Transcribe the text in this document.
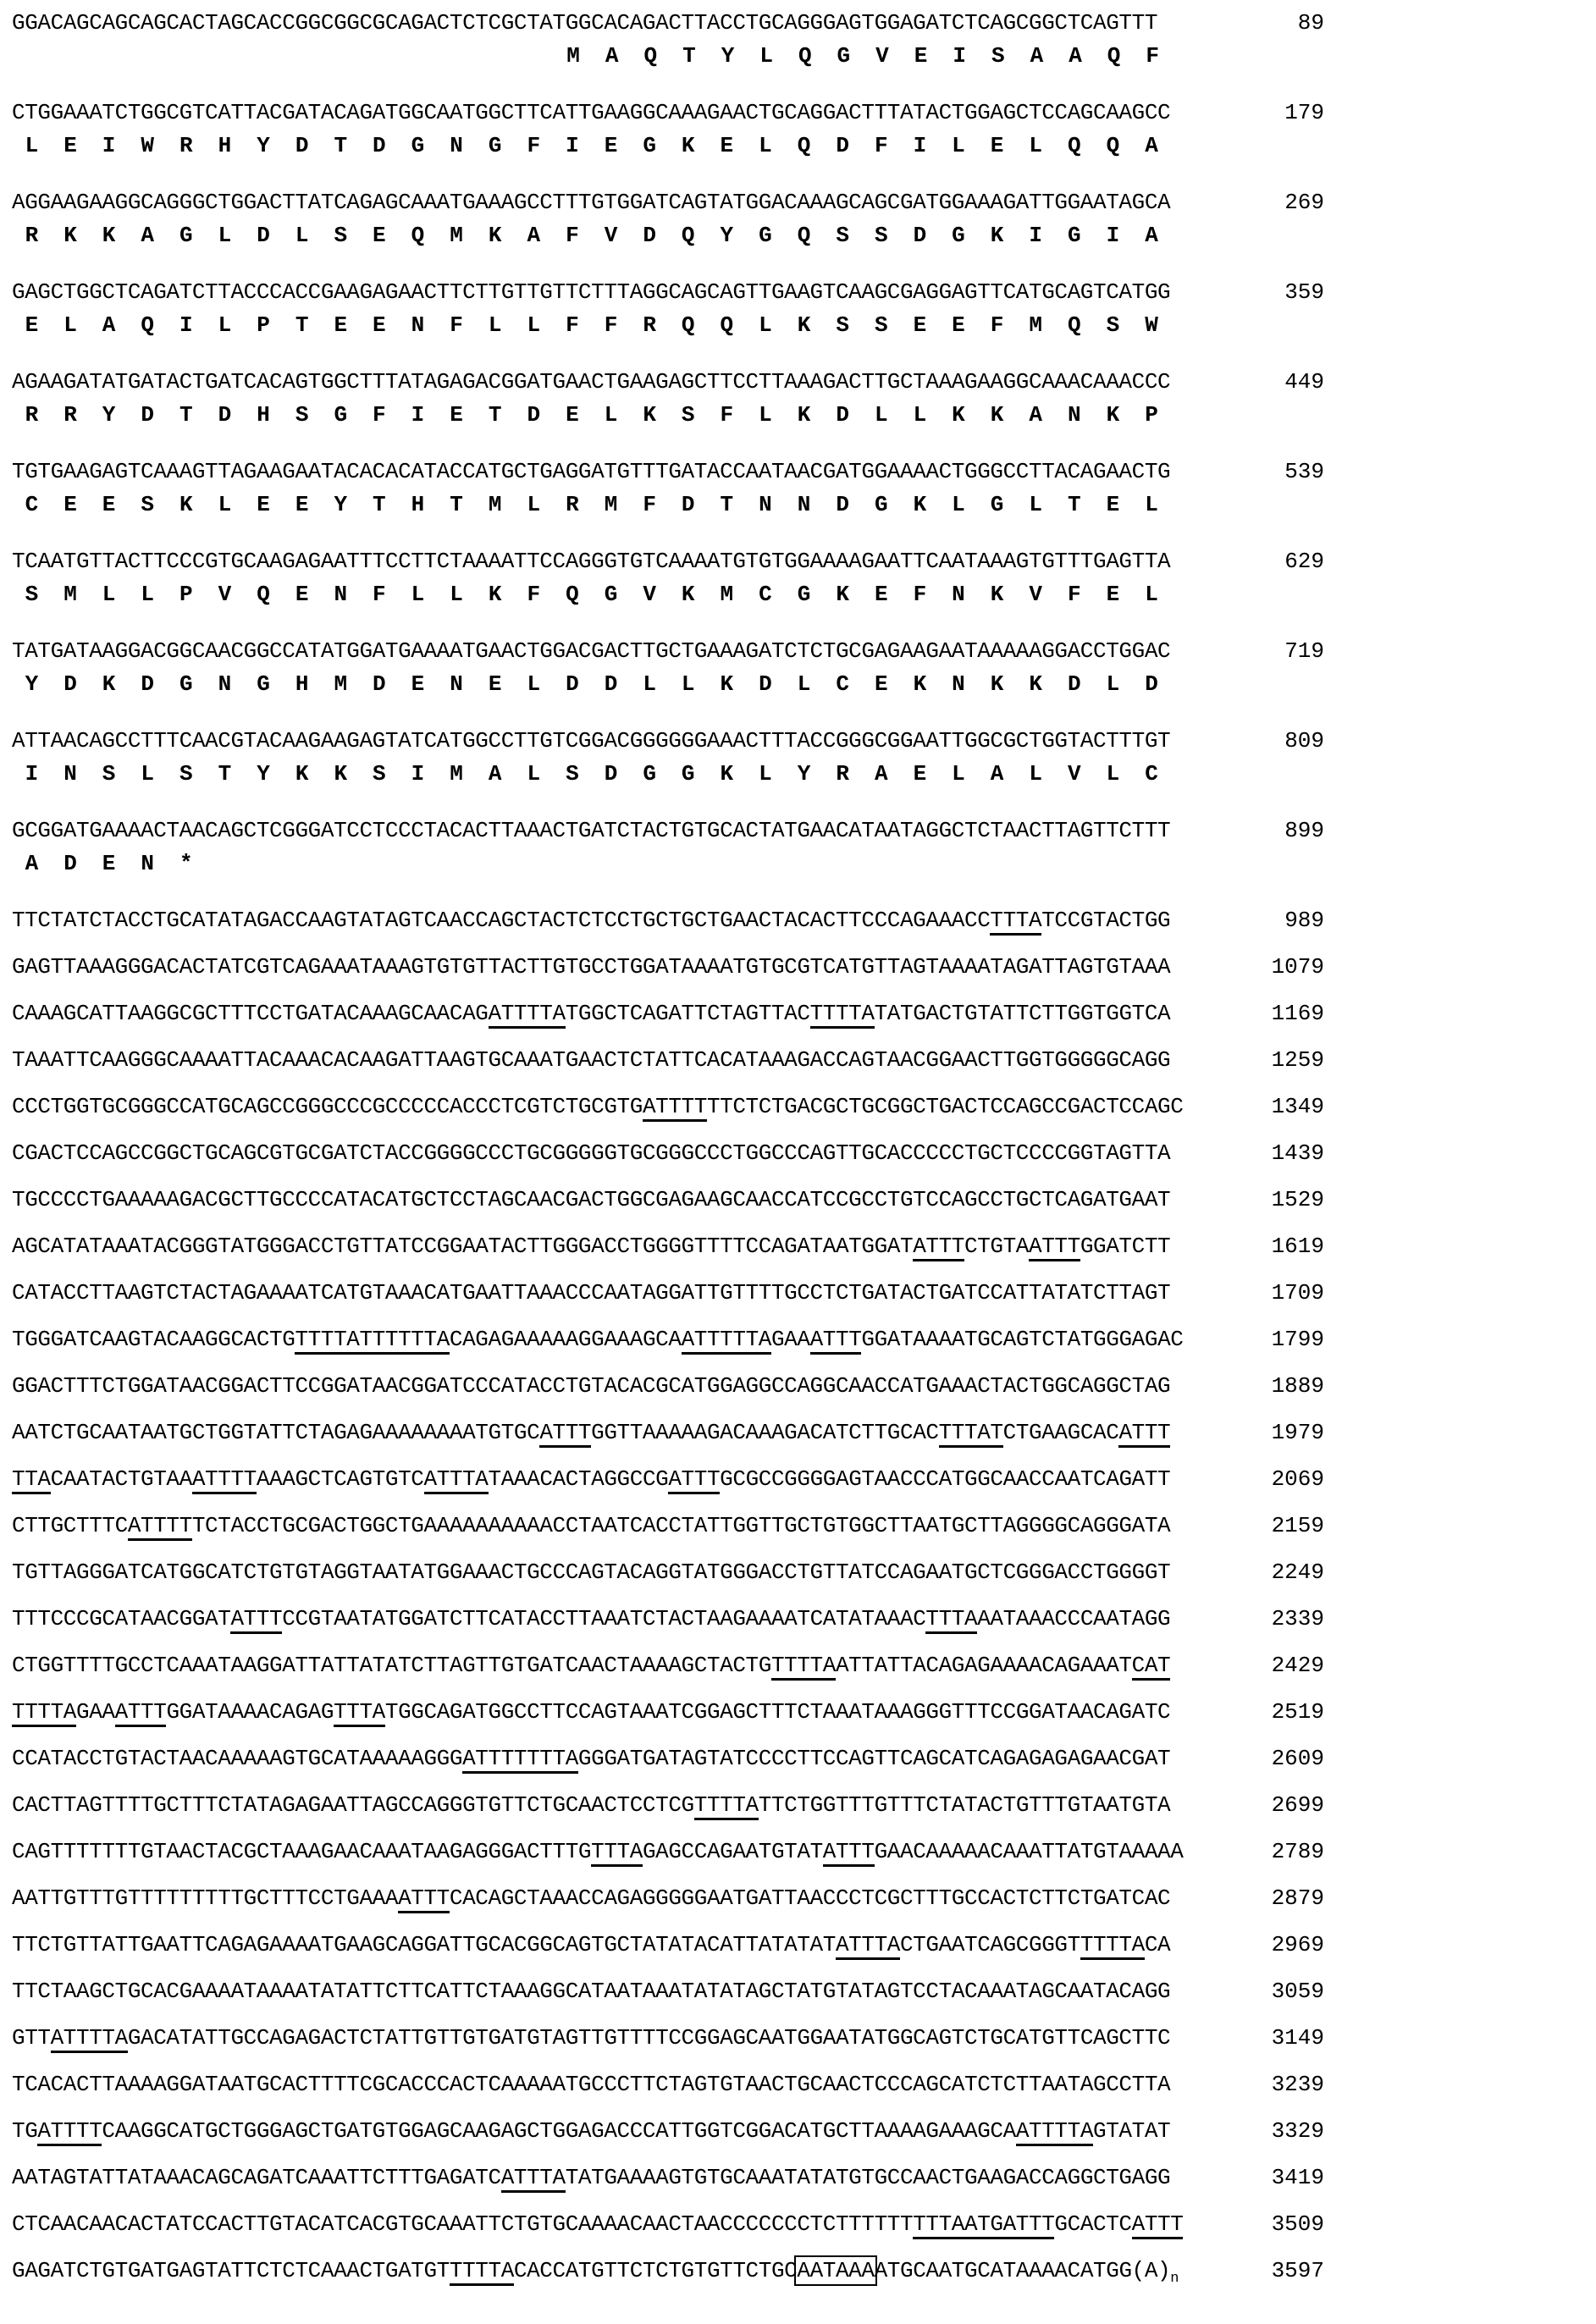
GGACAGCAGCAGCACTAGCACCGGCGGCGCAGACTCTCGCTATGGCACAGACTTACCTGCAGGGAGTGGAGATCTCAGCGGCTCAGTTT	89
M  A  Q  T  Y  L  Q  G  V  E  I  S  A  A  Q  F
CTGGAAATCTGGCGTCATTACGATACAGATGGCAATGGCTTCATTGAAGGCAAAGAACTGCAGGACTTTATACTGGAGCTCCAGCAAGCC	179
L  E  I  W  R  H  Y  D  T  D  G  N  G  F  I  E  G  K  E  L  Q  D  F  I  L  E  L  Q  Q  A
AGGAAGAAGGCAGGGCTGGACTTATCAGAGCAAATGAAAGCCTTTGTGGATCAGTATGGACAAAGCAGCGATGGAAAGATTGGAATAGCA	269
R  K  K  A  G  L  D  L  S  E  Q  M  K  A  F  V  D  Q  Y  G  Q  S  S  D  G  K  I  G  I  A
GAGCTGGCTCAGATCTTACCCACCGAAGAGAACTTCTTGTTGTTCTTTAGGCAGCAGTTGAAGTCAAGCGAGGAGTTCATGCAGTCATGG	359
E  L  A  Q  I  L  P  T  E  E  N  F  L  L  F  F  R  Q  Q  L  K  S  S  E  E  F  M  Q  S  W
AGAAGATATGATACTGATCACAGTGGCTTTATAGAGACGGATGAACTGAAGAGCTTCCTTAAAGACTTGCTAAAGAAGGCAAACAAACCC	449
R  R  Y  D  T  D  H  S  G  F  I  E  T  D  E  L  K  S  F  L  K  D  L  L  K  K  A  N  K  P
TGTGAAGAGTCAAAGTTAGAAGAATACACACATACCATGCTGAGGATGTTTGATACCAATAACGATGGAAAACTGGGCCTTACAGAACTG	539
C  E  E  S  K  L  E  E  Y  T  H  T  M  L  R  M  F  D  T  N  N  D  G  K  L  G  L  T  E  L
TCAATGTTACTTCCCGTGCAAGAGAATTTCCTTCTAAAATTCCAGGGTGTCAAAATGTGTGGAAAAGAATTCAATAAAGTGTTTGAGTTA	629
S  M  L  L  P  V  Q  E  N  F  L  L  K  F  Q  G  V  K  M  C  G  K  E  F  N  K  V  F  E  L
TATGATAAGGACGGCAACGGCCATATGGATGAAAATGAACTGGACGACTTGCTGAAAGATCTCTGCGAGAAGAATAAAAAGGACCTGGAC	719
Y  D  K  D  G  N  G  H  M  D  E  N  E  L  D  D  L  L  K  D  L  C  E  K  N  K  K  D  L  D
ATTAACAGCCTTTCAACGTACAAGAAGAGTATCATGGCCTTGTCGGACGGGGGGAAACTTTACCGGGCGGAATTGGCGCTGGTACTTTGT	809
I  N  S  L  S  T  Y  K  K  S  I  M  A  L  S  D  G  G  K  L  Y  R  A  E  L  A  L  V  L  C
GCGGATGAAAACTAACAGCTCGGGATCCTCCCTACACTTAAACTGATCTACTGTGCACTATGAACATAATAGGCTCTAACTTAGTTCTTT	899
A  D  E  N  *
TTCTATCTACCTGCATATAGACCAAGTATAGTCAACCAGCTACTCTCCTGCTGCTGAACTACACTTCCCAGAAACCTTTATCCGTACTGG	989
GAGTTAAAGGGACACTATCGTCAGAAATAAAGTGTGTTACTTGTGCCTGGATAAAATGTGCGTCATGTTAGTAAAATAGATTAGTGTAAA	1079
CAAAGCATTAAGGCGCTTTCCTGATACAAAGCAACAGATTTTATGGCTCAGATTCTAGTTACTTTTATATGACTGTATTCTTGGTGGTCA	1169
TAAATTCAAGGGCAAAATTACAAACACAAGATTAAGTGCAAATGAACTCTATTCACATAAAGACCAGTAACGGAACTTGGTGGGGGCAGG	1259
CCCTGGTGCGGGCCATGCAGCCGGGCCCGCCCCCACCCTCGTCTGCGTGATTTTTTCTCTGACGCTGCGGCTGACTCCAGCCGACTCCAGC	1349
CGACTCCAGCCGGCTGCAGCGTGCGATCTACCGGGGCCCTGCGGGGGTGCGGGCCCTGGCCCAGTTGCACCCCCTGCTCCCCGGTAGTTA	1439
TGCCCCTGAAAAAGACGCTTGCCCCATACATGCTCCTAGCAACGACTGGCGAGAAGCAACCATCCGCCTGTCCAGCCTGCTCAGATGAAT	1529
AGCATATAAATACGGGTATGGGACCTGTTATCCGGAATACTTGGGACCTGGGGTTTTCCAGATAATGGATATTTCTGTAATTTGGATCTT	1619
CATACCTTAAGTCTACTAGAAAATCATGTAAACATGAATTAAACCCAATAGGATTGTTTTGCCTCTGATACTGATCCATTATATCTTAGT	1709
TGGGATCAAGTACAAGGCACTGTTTTATTTTTTACAGAGAAAAAGGAAAGCAATTTTTAGAAATTTGGATAAAATGCAGTCTATGGGAGAC	1799
GGACTTTCTGGATAACGGACTTCCGGATAACGGATCCCATACCTGTACACGCATGGAGGCCAGGCAACCATGAAACTACTGGCAGGCTAG	1889
AATCTGCAATAATGCTGGTATTCTAGAGAAAAAAAATGTGCATTTGGTTAAAAAGACAAAGACATCTTGCACTTTATCTGAAGCACATTT	1979
TTACAATACTGTAAATTTTAAAGCTCAGTGTCATTTATAAACACTAGGCCGATTTGCGCCGGGGAGTAACCCATGGCAACCAATCAGATT	2069
CTTGCTTTCATTTTTCTACCTGCGACTGGCTGAAAAAAAAAACCTAATCACCTATTGGTTGCTGTGGCTTAATGCTTAGGGGCAGGGATA	2159
TGTTAGGGATCATGGCATCTGTGTAGGTAATATGGAAACTGCCCAGTACAGGTATGGGACCTGTTATCCAGAATGCTCGGGACCTGGGGT	2249
TTTCCCGCATAACGGATATTTCCGTAATATGGATCTTCATACCTTAAATCTACTAAGAAAATCATATAAACTTTAAATAAACCCAATAGG	2339
CTGGTTTTGCCTCAAATAAGGATTATTATATCTTAGTTGTGATCAACTAAAAGCTACTGTTTTAATTATTACAGAGAAAACAGAAATCAT	2429
TTTTAGAAATTTGGATAAAACAGAGTTTATGGCAGATGGCCTTCCAGTAAATCGGAGCTTTCTAAATAAAGGGTTTCCGGATAACAGATC	2519
CCATACCTGTACTAACAAAAAGTGCATAAAAAGGGATTTTTTTAGGGATGATAGTATCCCCTTCCAGTTCAGCATCAGAGAGAGAACGAT	2609
CACTTAGTTTTGCTTTCTATAGAGAATTAGCCAGGGTGTTCTGCAACTCCTCGTTTTATTCTGGTTTGTTTCTATACTGTTTGTAATGTA	2699
CAGTTTTTTTGTAACTACGCTAAAGAACAAATAAGAGGGACTTTGTTTAGAGCCAGAATGTATATTTGAACAAAAACAAATTATGTAAAAA	2789
AATTGTTTGTTTTTTTTTGCTTTCCTGAAAATTTCACAGCTAAACCAGAGGGGGAATGATTAACCCTCGCTTTGCCACTCTTCTGATCAC	2879
TTCTGTTATTGAATTCAGAGAAAATGAAGCAGGATTGCACGGCAGTGCTATATACATTATATATATTTACTGAATCAGCGGGTTTTTACA	2969
TTCTAAGCTGCACGAAAATAAAATATATTCTTCATTCTAAAGGCATAATAAATATATAGCTATGTATAGTCCTACAAATAGCAATACAGG	3059
GTTATTTTAGACATATTGCCAGAGACTCTATTGTTGTGATGTAGTTGTTTTCCGGAGCAATGGAATATGGCAGTCTGCATGTTCAGCTTC	3149
TCACACTTAAAAGGATAATGCACTTTTCGCACCCACTCAAAAATGCCCTTCTAGTGTAACTGCAACTCCCAGCATCTCTTAATAGCCTTA	3239
TGATTTTCAAGGCATGCTGGGAGCTGATGTGGAGCAAGAGCTGGAGACCCATTGGTCGGACATGCTTAAAAGAAAGCAATTTTAGTATAT	3329
AATAGTATTATAAACAGCAGATCAAATTCTTTGAGATCATTTATATGAAAAGTGTGCAAATATATGTGCCAACTGAAGACCAGGCTGAGG	3419
CTCAACAACACTATCCACTTGTACATCACGTGCAAATTCTGTGCAAAACAACTAACCCCCCCTCTTTTTTTTTAATGATTTGCACTCATTT	3509
$GAGATCTGTGATGAGTATTCTCTCAAACTGATGTTTTTACACCATGTTCTCTGTGTTCTGCAATAAAATGCAATGCATAAAACATGG(A)_n$	3597
